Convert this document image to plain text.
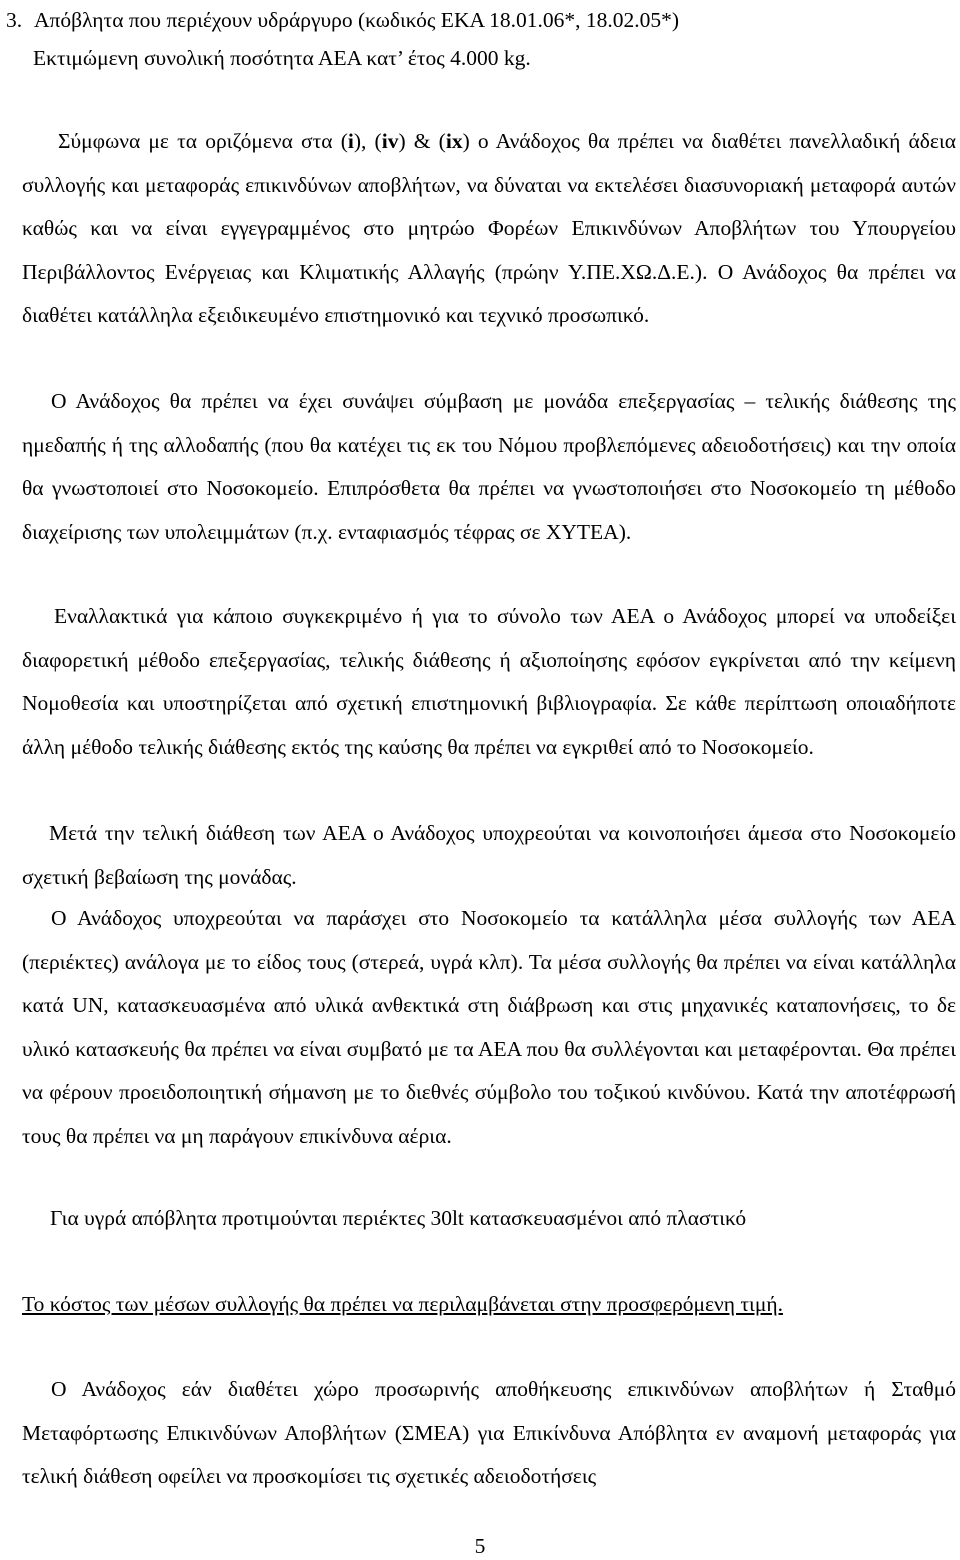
3. Απόβλητα που περιέχουν υδράργυρο (κωδικός ΕΚΑ 18.01.06*, 18.02.05*)
Εκτιμώμενη συνολική ποσότητα ΑΕΑ κατ’ έτος 4.000 kg.

Σύμφωνα με τα οριζόμενα στα (i), (iv) & (ix) ο Ανάδοχος θα πρέπει να διαθέτει πανελλαδική άδεια συλλογής και μεταφοράς επικινδύνων αποβλήτων, να δύναται να εκτελέσει διασυνοριακή μεταφορά αυτών καθώς και να είναι εγγεγραμμένος στο μητρώο Φορέων Επικινδύνων Αποβλήτων του Υπουργείου Περιβάλλοντος Ενέργειας και Κλιματικής Αλλαγής (πρώην Υ.ΠΕ.ΧΩ.Δ.Ε.). Ο Ανάδοχος θα πρέπει να διαθέτει κατάλληλα εξειδικευμένο επιστημονικό και τεχνικό προσωπικό.

Ο Ανάδοχος θα πρέπει να έχει συνάψει σύμβαση με μονάδα επεξεργασίας – τελικής διάθεσης της ημεδαπής ή της αλλοδαπής (που θα κατέχει τις εκ του Νόμου προβλεπόμενες αδειοδοτήσεις) και την οποία θα γνωστοποιεί στο Νοσοκομείο. Επιπρόσθετα θα πρέπει να γνωστοποιήσει στο Νοσοκομείο τη μέθοδο διαχείρισης των υπολειμμάτων (π.χ. ενταφιασμός τέφρας σε ΧΥΤΕΑ).

Εναλλακτικά για κάποιο συγκεκριμένο ή για το σύνολο των ΑΕΑ ο Ανάδοχος μπορεί να υποδείξει διαφορετική μέθοδο επεξεργασίας, τελικής διάθεσης ή αξιοποίησης εφόσον εγκρίνεται από την κείμενη Νομοθεσία και υποστηρίζεται από σχετική επιστημονική βιβλιογραφία. Σε κάθε περίπτωση οποιαδήποτε άλλη μέθοδο τελικής διάθεσης εκτός της καύσης θα πρέπει να εγκριθεί από το Νοσοκομείο.

Μετά την τελική διάθεση των ΑΕΑ ο Ανάδοχος υποχρεούται να κοινοποιήσει άμεσα στο Νοσοκομείο σχετική βεβαίωση της μονάδας.

Ο Ανάδοχος υποχρεούται να παράσχει στο Νοσοκομείο τα κατάλληλα μέσα συλλογής των ΑΕΑ (περιέκτες) ανάλογα με το είδος τους (στερεά, υγρά κλπ). Τα μέσα συλλογής θα πρέπει να είναι κατάλληλα κατά UN, κατασκευασμένα από υλικά ανθεκτικά στη διάβρωση και στις μηχανικές καταπονήσεις, το δε υλικό κατασκευής θα πρέπει να είναι συμβατό με τα ΑΕΑ που θα συλλέγονται και μεταφέρονται. Θα πρέπει να φέρουν προειδοποιητική σήμανση με το διεθνές σύμβολο του τοξικού κινδύνου. Κατά την αποτέφρωσή τους θα πρέπει να μη παράγουν επικίνδυνα αέρια.

Για υγρά απόβλητα προτιμούνται περιέκτες 30lt κατασκευασμένοι από πλαστικό
Το κόστος των μέσων συλλογής θα πρέπει να περιλαμβάνεται στην προσφερόμενη τιμή.

Ο Ανάδοχος εάν διαθέτει χώρο προσωρινής αποθήκευσης επικινδύνων αποβλήτων ή Σταθμό Μεταφόρτωσης Επικινδύνων Αποβλήτων (ΣΜΕΑ) για Επικίνδυνα Απόβλητα εν αναμονή μεταφοράς για τελική διάθεση οφείλει να προσκομίσει τις σχετικές αδειοδοτήσεις

5
